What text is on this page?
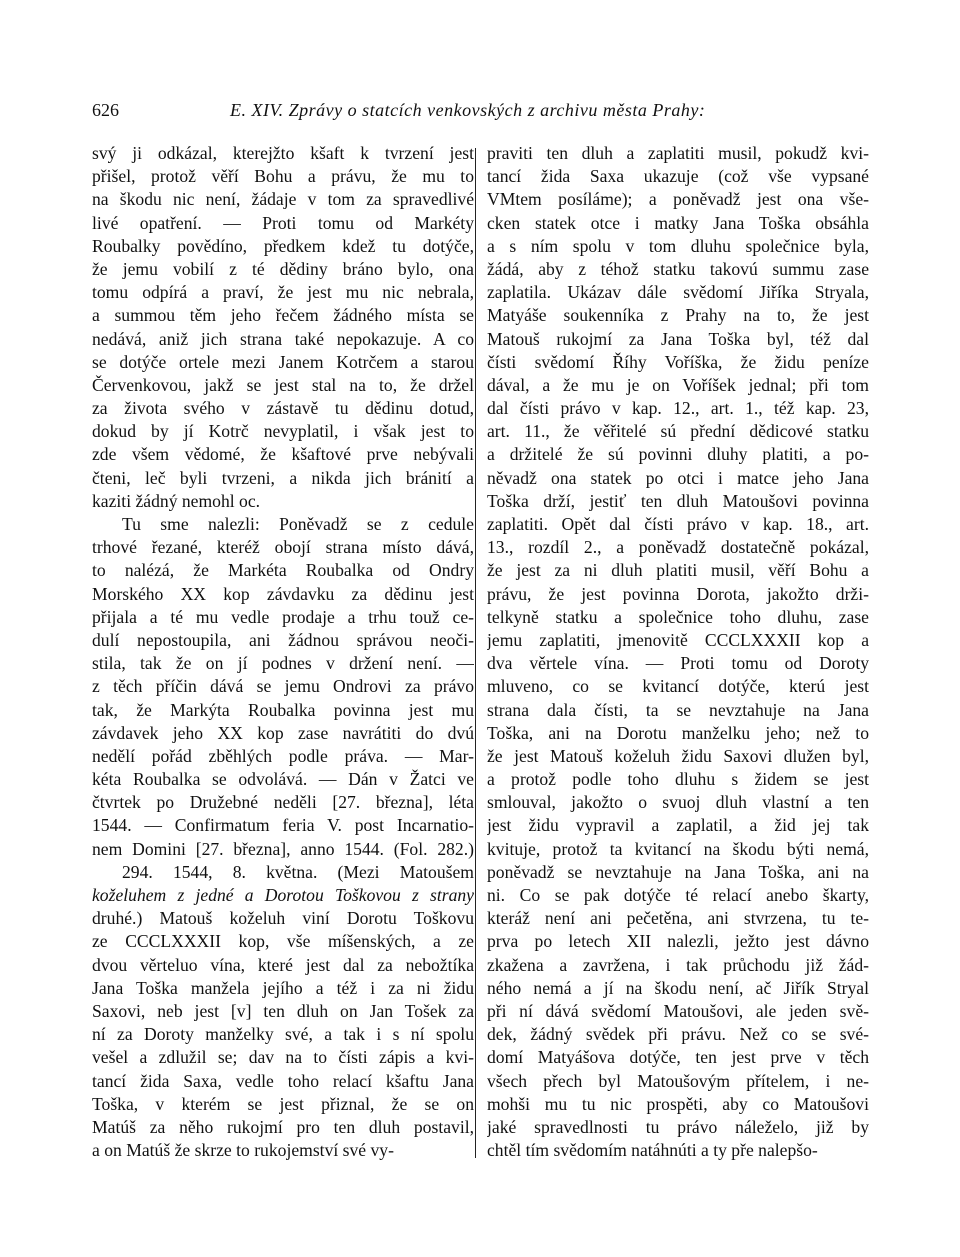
626	E. XIV. Zprávy o statcích venkovských z archivu města Prahy:
svý ji odkázal, kterejžto kšaft k tvrzení jest
přišel, protož věří Bohu a právu, že mu to
na škodu nic není, žádaje v tom za spravedlivé
livé opatření. — Proti tomu od Markéty
Roubalky povědíno, předkem kdež tu dotýče,
že jemu vobilí z té dědiny bráno bylo, ona
tomu odpírá a praví, že jest mu nic nebrala,
a summou těm jeho řečem žádného místa se
nedává, aniž jich strana také nepokazuje. A co
se dotýče ortele mezi Janem Kotrčem a starou
Červenkovou, jakž se jest stal na to, že držel
za života svého v zástavě tu dědinu dotud,
dokud by jí Kotrč nevyplatil, i však jest to
zde všem vědomé, že kšaftové prve nebývali
čteni, leč byli tvrzeni, a nikda jich bránití a
kaziti žádný nemohl oc.
Tu sme nalezli: Poněvadž se z cedule
trhové řezané, kteréž obojí strana místo dává,
to nalézá, že Markéta Roubalka od Ondry
Morského XX kop závdavku za dědinu jest
přijala a té mu vedle prodaje a trhu touž ce-
dulí nepostoupila, ani žádnou správou neoči-
stila, tak že on jí podnes v držení není. —
z těch příčin dává se jemu Ondrovi za právo
tak, že Markýta Roubalka povinna jest mu
závdavek jeho XX kop zase navrátiti do dvú
nedělí pořád zběhlých podle práva. — Mar-
kéta Roubalka se odvolává. — Dán v Žatci ve
čtvrtek po Družebné neděli [27. března], léta
1544. — Confirmatum feria V. post Incarnatio-
nem Domini [27. března], anno 1544. (Fol. 282.)
294. 1544, 8. května. (Mezi Matoušem
koželuhem z jedné a Dorotou Toškovou z strany
druhé.) Matouš koželuh viní Dorotu Toškovu
ze CCCLXXXII kop, vše míšenských, a ze
dvou věrteluo vína, které jest dal za nebožtíka
Jana Toška manžela jejího a též i za ni židu
Saxovi, neb jest [v] ten dluh on Jan Tošek za
ní za Doroty manželky své, a tak i s ní spolu
vešel a zdlužil se; dav na to čísti zápis a kvi-
tancí žida Saxa, vedle toho relací kšaftu Jana
Toška, v kterém se jest přiznal, že se on
Matúš za něho rukojmí pro ten dluh postavil,
a on Matúš že skrze to rukojemství své vy-
praviti ten dluh a zaplatiti musil, pokudž kvi-
tancí žida Saxa ukazuje (což vše vypsané
VMtem posíláme); a poněvadž jest ona vše-
cken statek otce i matky Jana Toška obsáhla
a s ním spolu v tom dluhu společnice byla,
žádá, aby z téhož statku takovú summu zase
zaplatila. Ukázav dále svědomí Jiříka Stryala,
Matyáše soukenníka z Prahy na to, že jest
Matouš rukojmí za Jana Toška byl, též dal
čísti svědomí Říhy Voříška, že židu peníze
dával, a že mu je on Voříšek jednal; při tom
dal čísti právo v kap. 12., art. 1., též kap. 23,
art. 11., že věřitelé sú přední dědicové statku
a držitelé že sú povinni dluhy platiti, a po-
něvadž ona statek po otci i matce jeho Jana
Toška drží, jestiť ten dluh Matoušovi povinna
zaplatiti. Opět dal čísti právo v kap. 18., art.
13., rozdíl 2., a poněvadž dostatečně pokázal,
že jest za ni dluh platiti musil, věří Bohu a
právu, že jest povinna Dorota, jakožto drži-
telkyně statku a společnice toho dluhu, zase
jemu zaplatiti, jmenovitě CCCLXXXII kop a
dva věrtele vína. — Proti tomu od Doroty
mluveno, co se kvitancí dotýče, kterú jest
strana dala čísti, ta se nevztahuje na Jana
Toška, ani na Dorotu manželku jeho; než to
že jest Matouš koželuh židu Saxovi dlužen byl,
a protož podle toho dluhu s židem se jest
smlouval, jakožto o svuoj dluh vlastní a ten
jest židu vypravil a zaplatil, a žid jej tak
kvituje, protož ta kvitancí na škodu býti nemá,
poněvadž se nevztahuje na Jana Toška, ani na
ni. Co se pak dotýče té relací anebo škarty,
kteráž není ani pečetěna, ani stvrzena, tu te-
prva po letech XII nalezli, ježto jest dávno
zkažena a zavržena, i tak průchodu již žád-
ného nemá a jí na škodu není, ač Jiřík Stryal
při ní dává svědomí Matoušovi, ale jeden svě-
dek, žádný svědek při právu. Než co se své-
domí Matyášova dotýče, ten jest prve v těch
všech přech byl Matoušovým přítelem, i ne-
mohši mu tu nic prospěti, aby co Matoušovi
jaké spravedlnosti tu právo náleželo, již by
chtěl tím svědomím natáhnúti a ty pře nalepšo-
